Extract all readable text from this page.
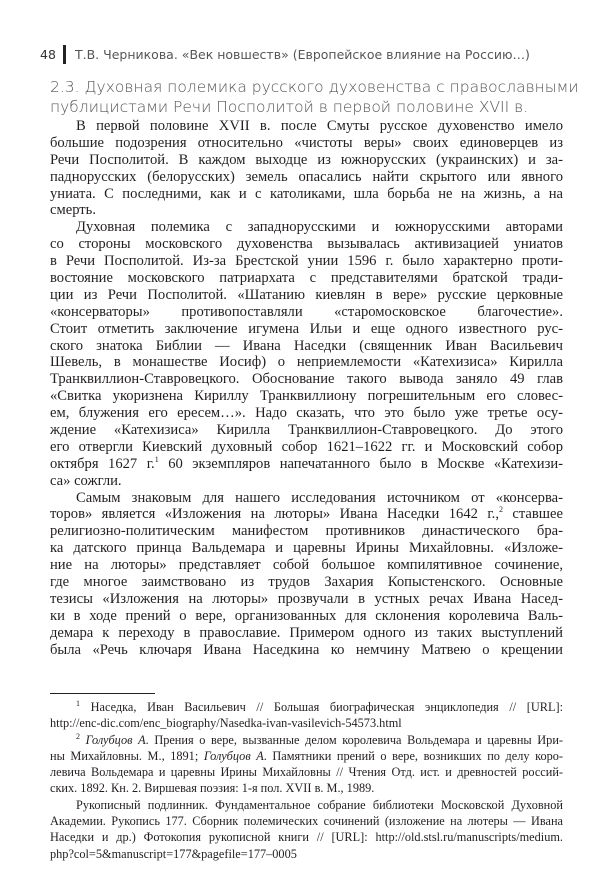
48 Т.В. Черникова. «Век новшеств» (Европейское влияние на Россию…)
2.3. Духовная полемика русского духовенства с православными
публицистами Речи Посполитой в первой половине XVII в.
В первой половине XVII в. после Смуты русское духовенство имело
большие подозрения относительно «чистоты веры» своих единоверцев из
Речи Посполитой. В каждом выходце из южнорусских (украинских) и за-
паднорусских (белорусских) земель опасались найти скрытого или явного
униата. С последними, как и с католиками, шла борьба не на жизнь, а на
смерть.
Духовная полемика с западнорусскими и южнорусскими авторами
со стороны московского духовенства вызывалась активизацией униатов
в Речи Посполитой. Из-за Брестской унии 1596 г. было характерно проти-
востояние московского патриархата с представителями братской тради-
ции из Речи Посполитой. «Шатанию киевлян в вере» русские церковные
«консерваторы» противопоставляли «старомосковское благочестие».
Стоит отметить заключение игумена Ильи и еще одного известного рус-
ского знатока Библии — Ивана Наседки (священник Иван Васильевич
Шевель, в монашестве Иосиф) о неприемлемости «Катехизиса» Кирилла
Транквиллион-Ставровецкого. Обоснование такого вывода заняло 49 глав
«Свитка укоризнена Кириллу Транквиллиону погрешительным его словес-
ем, блужения его ересем…». Надо сказать, что это было уже третье осу-
ждение «Катехизиса» Кирилла Транквиллион-Ставровецкого. До этого
его отвергли Киевский духовный собор 1621–1622 гг. и Московский собор
октября 1627 г.$^1$ 60 экземпляров напечатанного было в Москве «Катехизи-
са» сожгли.
Самым знаковым для нашего исследования источником от «консерва-
торов» является «Изложения на люторы» Ивана Наседки 1642 г.,$^2$ ставшее
религиозно-политическим манифестом противников династического бра-
ка датского принца Вальдемара и царевны Ирины Михайловны. «Изложе-
ние на люторы» представляет собой большое компилятивное сочинение,
где многое заимствовано из трудов Захария Копыстенского. Основные
тезисы «Изложения на люторы» прозвучали в устных речах Ивана Насед-
ки в ходе прений о вере, организованных для склонения королевича Валь-
демара к переходу в православие. Примером одного из таких выступлений
была «Речь ключаря Ивана Наседкина ко немчину Матвею о крещении
$^1$ Наседка, Иван Васильевич // Большая биографическая энциклопедия // [URL]:
http://enc-dic.com/enc_biography/Nasedka-ivan-vasilevich-54573.html
$^2$ Голубцов А. Прения о вере, вызванные делом королевича Вольдемара и царевны Ири-
ны Михайловны. М., 1891; Голубцов А. Памятники прений о вере, возникших по делу коро-
левича Вольдемара и царевны Ирины Михайловны // Чтения Отд. ист. и древностей россий-
ских. 1892. Кн. 2. Виршевая поэзия: 1-я пол. XVII в. М., 1989.
Рукописный подлинник. Фундаментальное собрание библиотеки Московской Духовной
Академии. Рукопись 177. Сборник полемических сочинений (изложение на лютеры — Ивана
Наседки и др.) Фотокопия рукописной книги // [URL]: http://old.stsl.ru/manuscripts/medium.
php?col=5&manuscript=177&pagefile=177–0005
